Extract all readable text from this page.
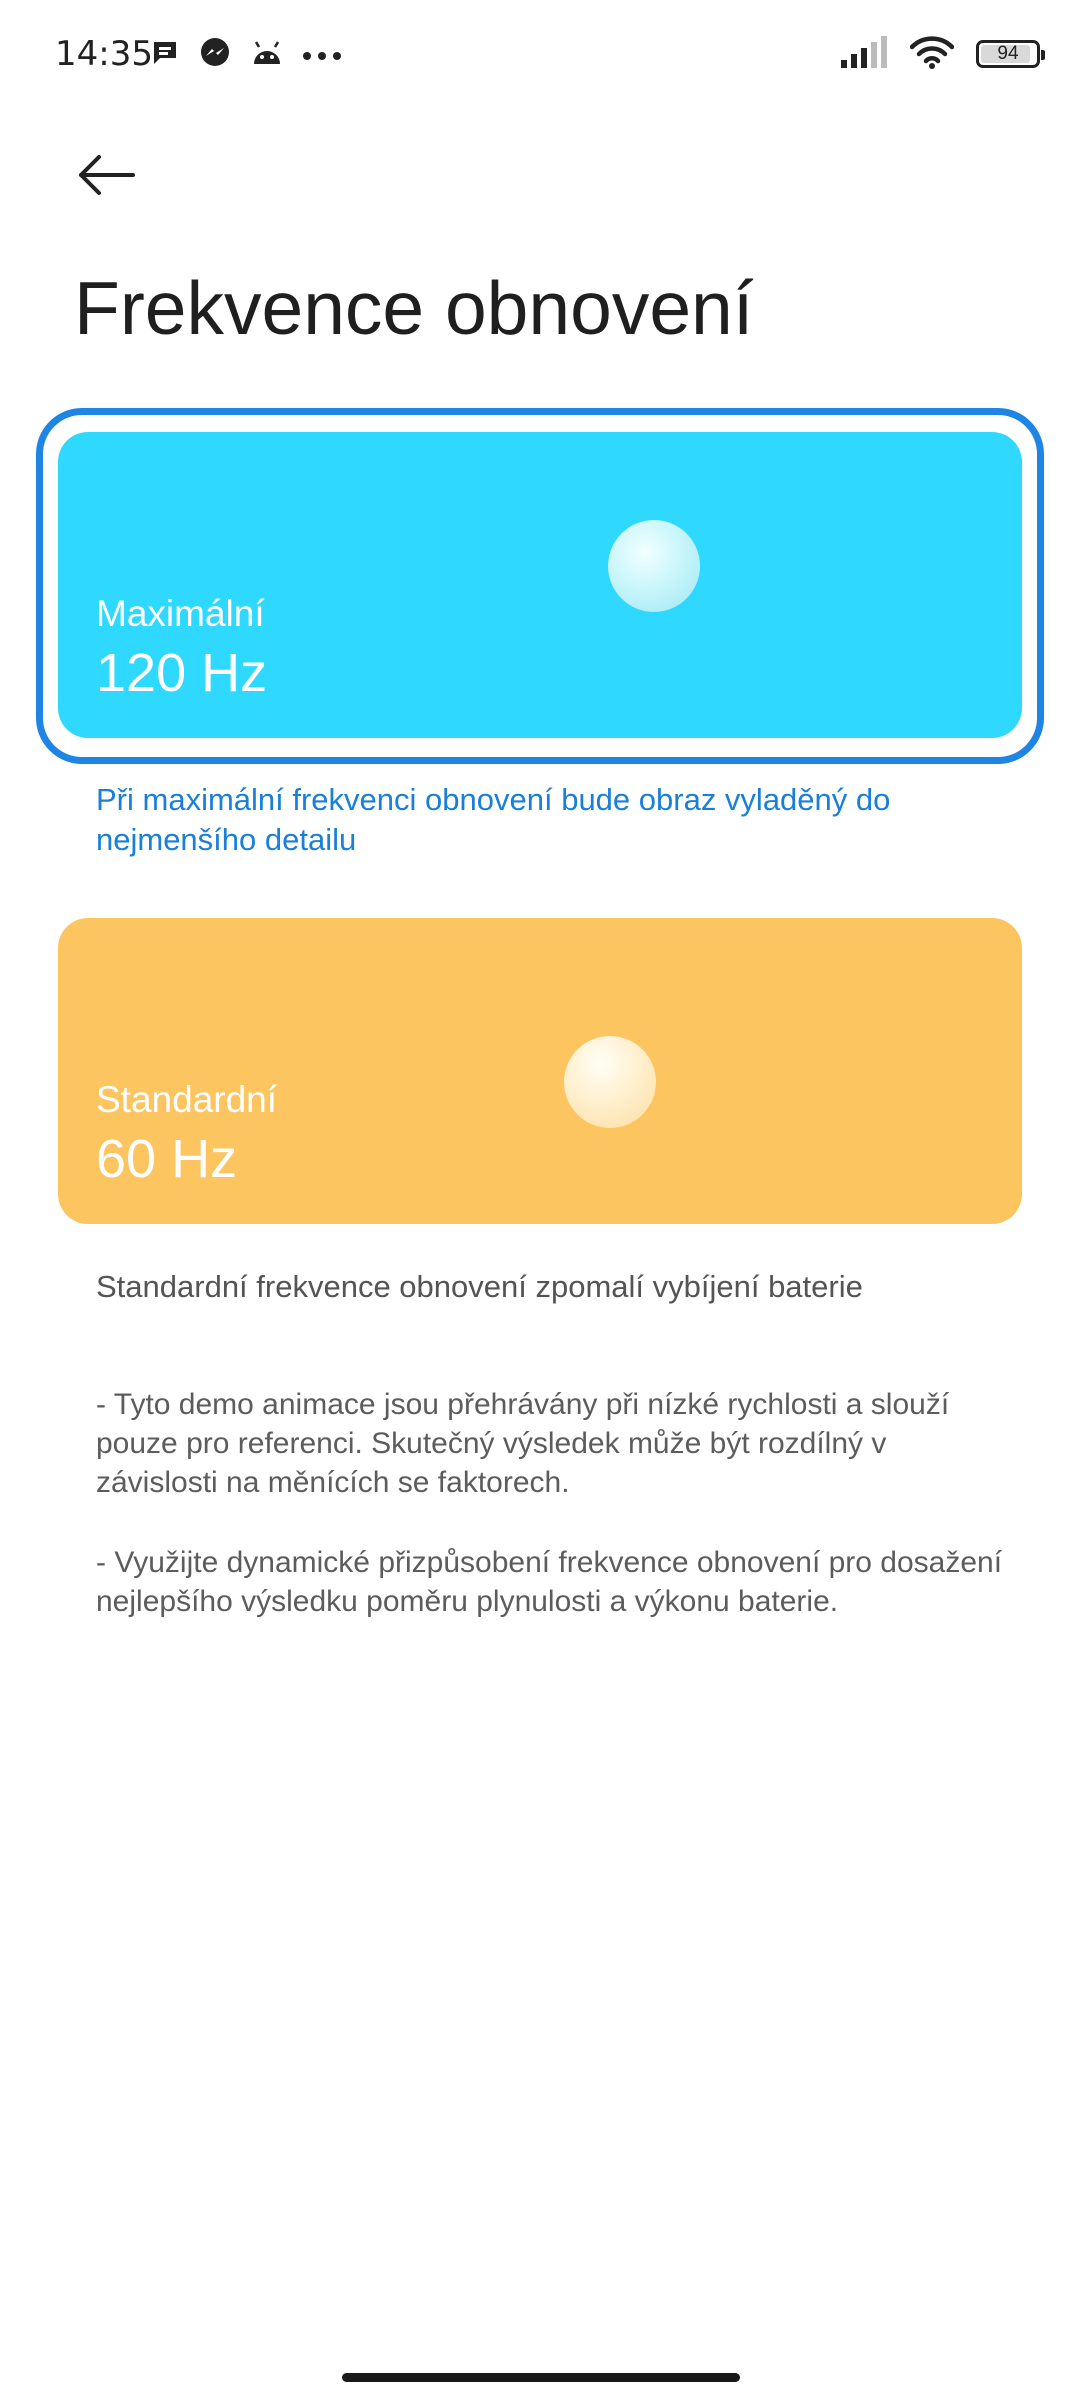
14:35	94
Frekvence obnovení
Maximální
120 Hz
Při maximální frekvenci obnovení bude obraz vyladěný do nejmenšího detailu
Standardní
60 Hz
Standardní frekvence obnovení zpomalí vybíjení baterie
- Tyto demo animace jsou přehrávány při nízké rychlosti a slouží pouze pro referenci. Skutečný výsledek může být rozdílný v závislosti na měnících se faktorech.
- Využijte dynamické přizpůsobení frekvence obnovení pro dosažení nejlepšího výsledku poměru plynulosti a výkonu baterie.
